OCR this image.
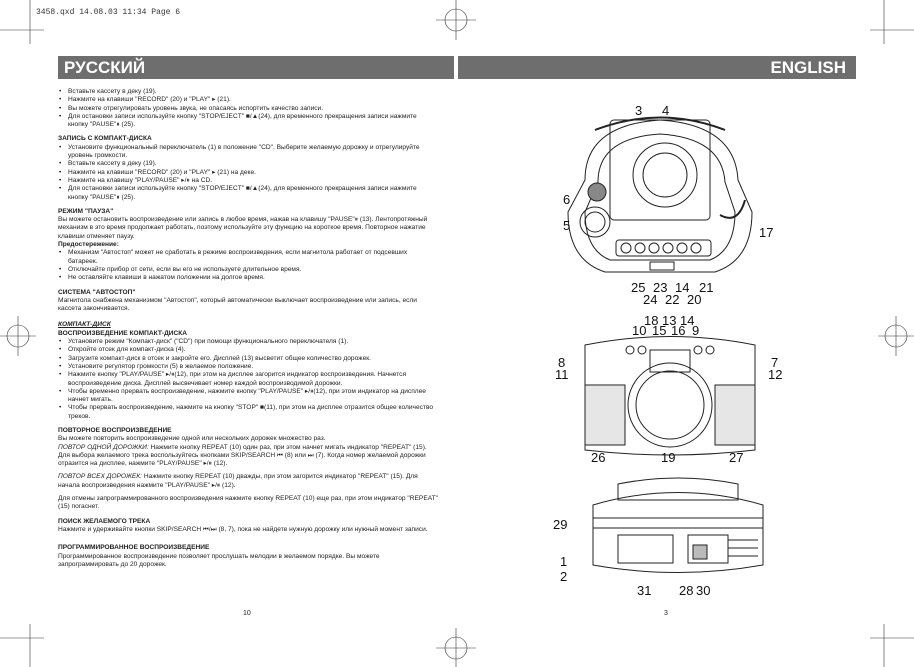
3458.qxd 14.08.03 11:34 Page 6
РУССКИЙ	ENGLISH
• Вставьте кассету в деку (19).
• Нажмите на клавиши "RECORD" (20) и "PLAY" ▸ (21).
• Вы можете отрегулировать уровень звука, не опасаясь испортить качество записи.
• Для остановки записи используйте кнопку "STOP/EJECT" ■/▲(24), для временного прекращения записи нажмите кнопку "PAUSE"⏸ (25).

ЗАПИСЬ С КОМПАКТ-ДИСКА

• Установите функциональный переключатель (1) в положение "CD". Выберите желаемую дорожку и отрегулируйте уровень громкости.
• Вставьте кассету в деку (19).
• Нажмите на клавиши "RECORD" (20) и "PLAY" ▸ (21) на деке.
• Нажмите на клавишу "PLAY/PAUSE" ▸/⏸ на CD.
• Для остановки записи используйте кнопку "STOP/EJECT" ■/▲(24), для временного прекращения записи нажмите кнопку "PAUSE"⏸ (25).

РЕЖИМ "ПАУЗА"

Вы можете остановить воспроизведение или запись в любое время, нажав на клавишу "PAUSE"⏸ (13). Лентопротяжный механизм в это время продолжает работать, поэтому используйте эту функцию на короткое время. Повторное нажатие клавиши отменяет паузу.

Предостережение:

• Механизм "Автостоп" может не сработать в режиме воспроизведения, если магнитола работает от подсевших батареек.
• Отключайте прибор от сети, если вы его не используете длительное время.
• Не оставляйте клавиши в нажатом положении на долгое время.

СИСТЕМА "АВТОСТОП"

Магнитола снабжена механизмом "Автостоп", который автоматически выключает воспроизведение или запись, если кассета закончивается.

КОМПАКТ-ДИСК

ВОСПРОИЗВЕДЕНИЕ КОМПАКТ-ДИСКА

• Установите режим "Компакт-диск" ("CD") при помощи функционального переключателя (1).
• Откройте отсек для компакт-диска (4).
• Загрузите компакт-диск в отсек и закройте его. Дисплей (13) высветит общее количество дорожек.
• Установите регулятор громкости (5) в желаемое положение.
• Нажмите кнопку "PLAY/PAUSE" ▸/⏸(12), при этом на дисплее загорится индикатор воспроизведения. Начнется воспроизведение диска. Дисплей высвечивает номер каждой воспроизводимой дорожки.
• Чтобы временно прервать воспроизведение, нажмите кнопку "PLAY/PAUSE" ▸/⏸(12), при этом индикатор на дисплее начнет мигать.
• Чтобы прервать воспроизведение, нажмите на кнопку "STOP" ■(11), при этом на дисплее отразится общее количество треков.

ПОВТОРНОЕ ВОСПРОИЗВЕДЕНИЕ

Вы можете повторить воспроизведение одной или нескольких дорожек множество раз.

ПОВТОР ОДНОЙ ДОРОЖКИ: Нажмите кнопку REPEAT (10) один раз, при этом начнет мигать индикатор "REPEAT" (15). Для выбора желаемого трека воспользуйтесь кнопками SKIP/SEARCH ⏮ (8) или ⏭ (7). Когда номер желаемой дорожки отразится на дисплее, нажмите "PLAY/PAUSE" ▸/⏸ (12).

ПОВТОР ВСЕХ ДОРОЖЕК: Нажмите кнопку REPEAT (10) дважды, при этом загорится индикатор "REPEAT" (15). Для начала воспроизведения нажмите "PLAY/PAUSE" ▸/⏸ (12).

Для отмены запрограммированного воспроизведения нажмите кнопку REPEAT (10) еще раз, при этом индикатор "REPEAT" (15) погаснет.

ПОИСК ЖЕЛАЕМОГО ТРЕКА

Нажмите и удерживайте кнопки SKIP/SEARCH ⏮/⏭ (8, 7), пока не найдете нужную дорожку или нужный момент записи.

ПРОГРАММИРОВАННОЕ ВОСПРОИЗВЕДЕНИЕ

Программированное воспроизведение позволяет прослушать мелодии в желаемом порядке. Вы можете запрограммировать до 20 дорожек.

10	3
3 4
6
5	17
25 23 14
24 22 20
21
18 13 14
10 15 16 9
8
11
7
12
26	19	27
29
1
2
31 28 30
